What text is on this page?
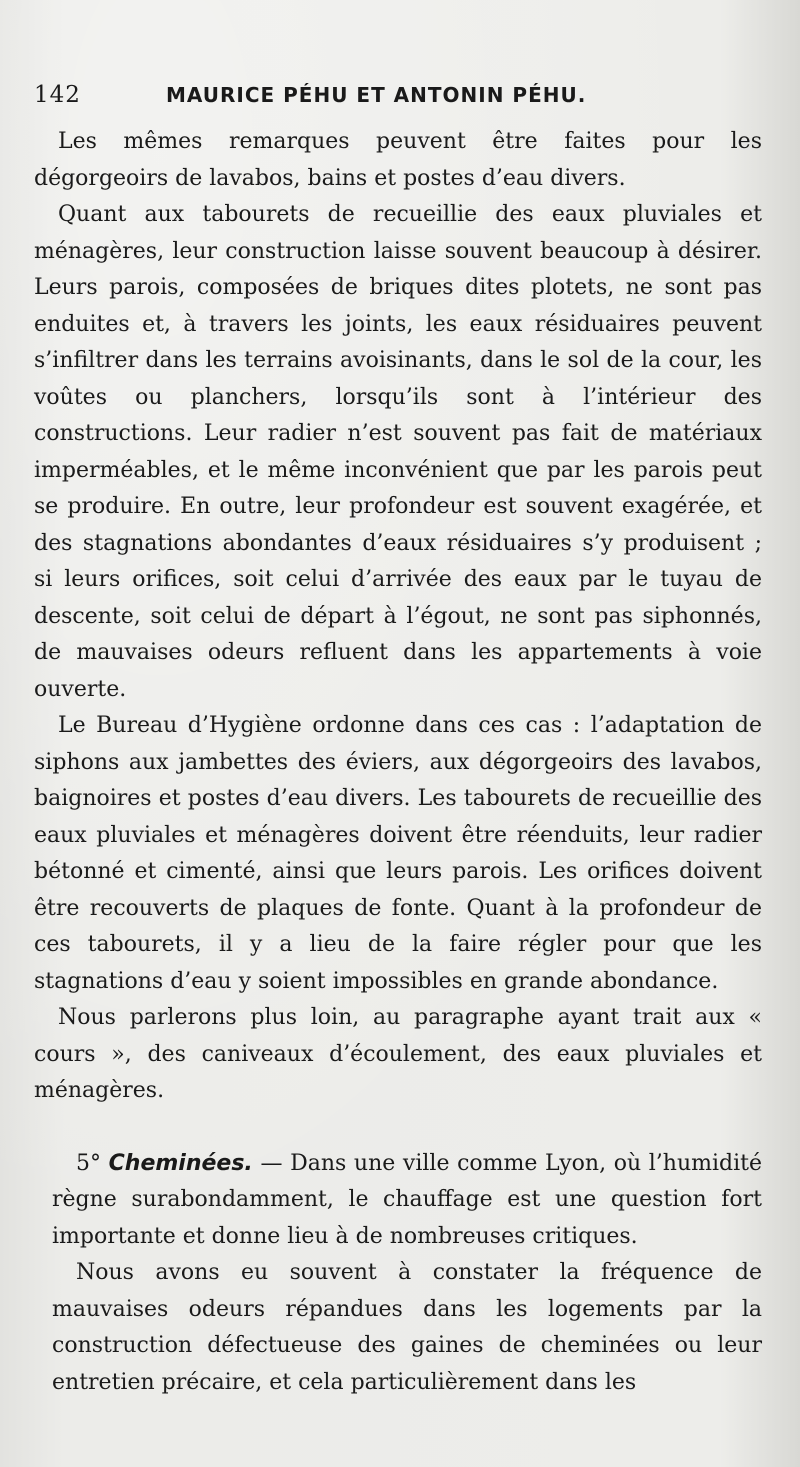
142	MAURICE PÉHU ET ANTONIN PÉHU.

Les mêmes remarques peuvent être faites pour les dégorgeoirs de lavabos, bains et postes d’eau divers.

Quant aux tabourets de recueillie des eaux pluviales et ménagères, leur construction laisse souvent beaucoup à désirer. Leurs parois, composées de briques dites plotets, ne sont pas enduites et, à travers les joints, les eaux résiduaires peuvent s’infiltrer dans les terrains avoisinants, dans le sol de la cour, les voûtes ou planchers, lorsqu’ils sont à l’intérieur des constructions. Leur radier n’est souvent pas fait de matériaux imperméables, et le même inconvénient que par les parois peut se produire. En outre, leur profondeur est souvent exagérée, et des stagnations abondantes d’eaux résiduaires s’y produisent ; si leurs orifices, soit celui d’arrivée des eaux par le tuyau de descente, soit celui de départ à l’égout, ne sont pas siphonnés, de mauvaises odeurs refluent dans les appartements à voie ouverte.

Le Bureau d’Hygiène ordonne dans ces cas : l’adaptation de siphons aux jambettes des éviers, aux dégorgeoirs des lavabos, baignoires et postes d’eau divers. Les tabourets de recueillie des eaux pluviales et ménagères doivent être réenduits, leur radier bétonné et cimenté, ainsi que leurs parois. Les orifices doivent être recouverts de plaques de fonte. Quant à la profondeur de ces tabourets, il y a lieu de la faire régler pour que les stagnations d’eau y soient impossibles en grande abondance.

Nous parlerons plus loin, au paragraphe ayant trait aux « cours », des caniveaux d’écoulement, des eaux pluviales et ménagères.

5° Cheminées. — Dans une ville comme Lyon, où l’humidité règne surabondamment, le chauffage est une question fort importante et donne lieu à de nombreuses critiques.

Nous avons eu souvent à constater la fréquence de mauvaises odeurs répandues dans les logements par la construction défectueuse des gaines de cheminées ou leur entretien précaire, et cela particulièrement dans les
